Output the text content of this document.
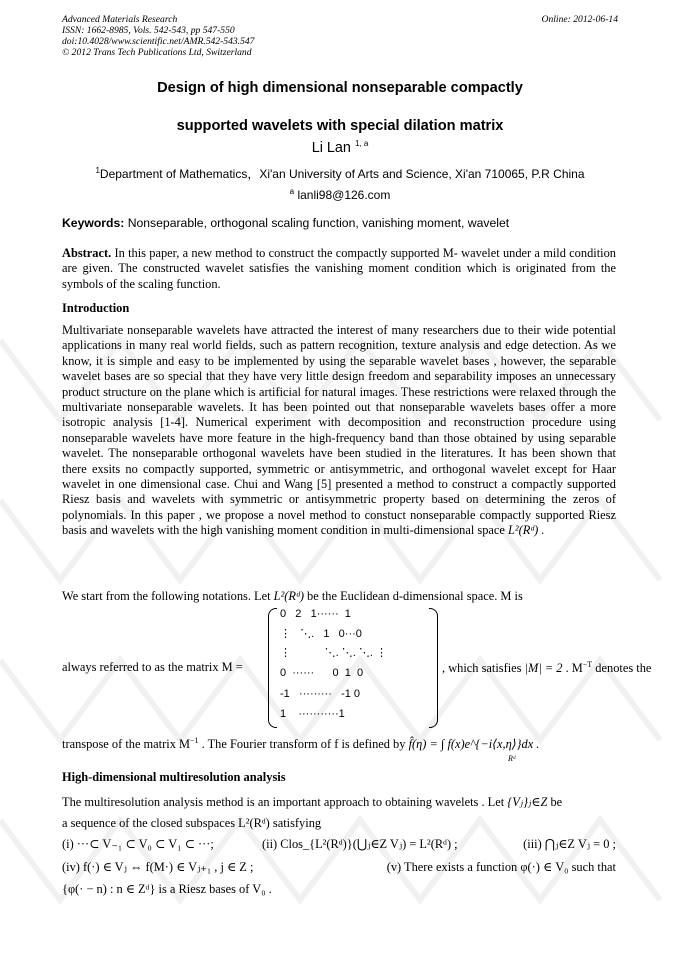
Advanced Materials Research
ISSN: 1662-8985, Vols. 542-543, pp 547-550
doi:10.4028/www.scientific.net/AMR.542-543.547
© 2012 Trans Tech Publications Ltd, Switzerland
Online: 2012-06-14
Design of high dimensional nonseparable compactly
supported wavelets with special dilation matrix
Li Lan $^{1, a}$
$^1$Department of Mathematics，Xi'an University of Arts and Science, Xi'an 710065, P.R China
$^a$ lanli98@126.com
Keywords: Nonseparable, orthogonal scaling function, vanishing moment, wavelet
Abstract. In this paper, a new method to construct the compactly supported M- wavelet under a mild condition are given. The constructed wavelet satisfies the vanishing moment condition which is originated from the symbols of the scaling function.
Introduction
Multivariate nonseparable wavelets have attracted the interest of many researchers due to their wide potential applications in many real world fields, such as pattern recognition, texture analysis and edge detection. As we know, it is simple and easy to be implemented by using the separable wavelet bases , however, the separable wavelet bases are so special that they have very little design freedom and separability imposes an unnecessary product structure on the plane which is artificial for natural images. These restrictions were relaxed through the multivariate nonseparable wavelets. It has been pointed out that nonseparable wavelets bases offer a more isotropic analysis [1-4]. Numerical experiment with decomposition and reconstruction procedure using nonseparable wavelets have more feature in the high-frequency band than those obtained by using separable wavelet. The nonseparable orthogonal wavelets have been studied in the literatures. It has been shown that there exsits no compactly supported, symmetric or antisymmetric, and orthogonal wavelet except for Haar wavelet in one dimensional case. Chui and Wang [5] presented a method to construct a compactly supported Riesz basis and wavelets with symmetric or antisymmetric property based on determining the zeros of polynomials. In this paper , we propose a novel method to constuct nonseparable compactly supported Riesz basis and wavelets with the high vanishing moment condition in multi-dimensional space L²(Rᵈ) .
We start from the following notations. Let L²(Rᵈ) be the Euclidean d-dimensional space. M is
always referred to as the matrix M =
0   2   1······  1
⋮   ⋱.   1   0···0
⋮           ⋱. ⋱. ⋱. ⋮
0  ······      0  1  0
-1   ·········   -1 0
1    ···········1
, which satisfies |M| = 2 . $M^{-T}$ denotes the
transpose of the matrix $M^{-1}$ . The Fourier transform of f is defined by f̂(η) = ∫ f(x)e^{−i⟨x,η⟩}dx .
Rᵈ
High-dimensional multiresolution analysis
The multiresolution analysis method is an important approach to obtaining wavelets . Let {Vⱼ}ⱼ∈Z be
a sequence of the closed subspaces L²(Rᵈ) satisfying
(i) ···⊂ V₋₁ ⊂ V₀ ⊂ V₁ ⊂ ···;	(ii) Clos_{L²(Rᵈ)}(⋃ⱼ∈Z Vⱼ) = L²(Rᵈ) ;	(iii) ⋂ⱼ∈Z Vⱼ = 0 ;
(iv) f(·) ∈ Vⱼ ⇔ f(M·) ∈ Vⱼ₊₁ , j ∈ Z ;	(v) There exists a function φ(·) ∈ V₀ such that
{φ(· − n) : n ∈ Zᵈ} is a Riesz bases of V₀ .
